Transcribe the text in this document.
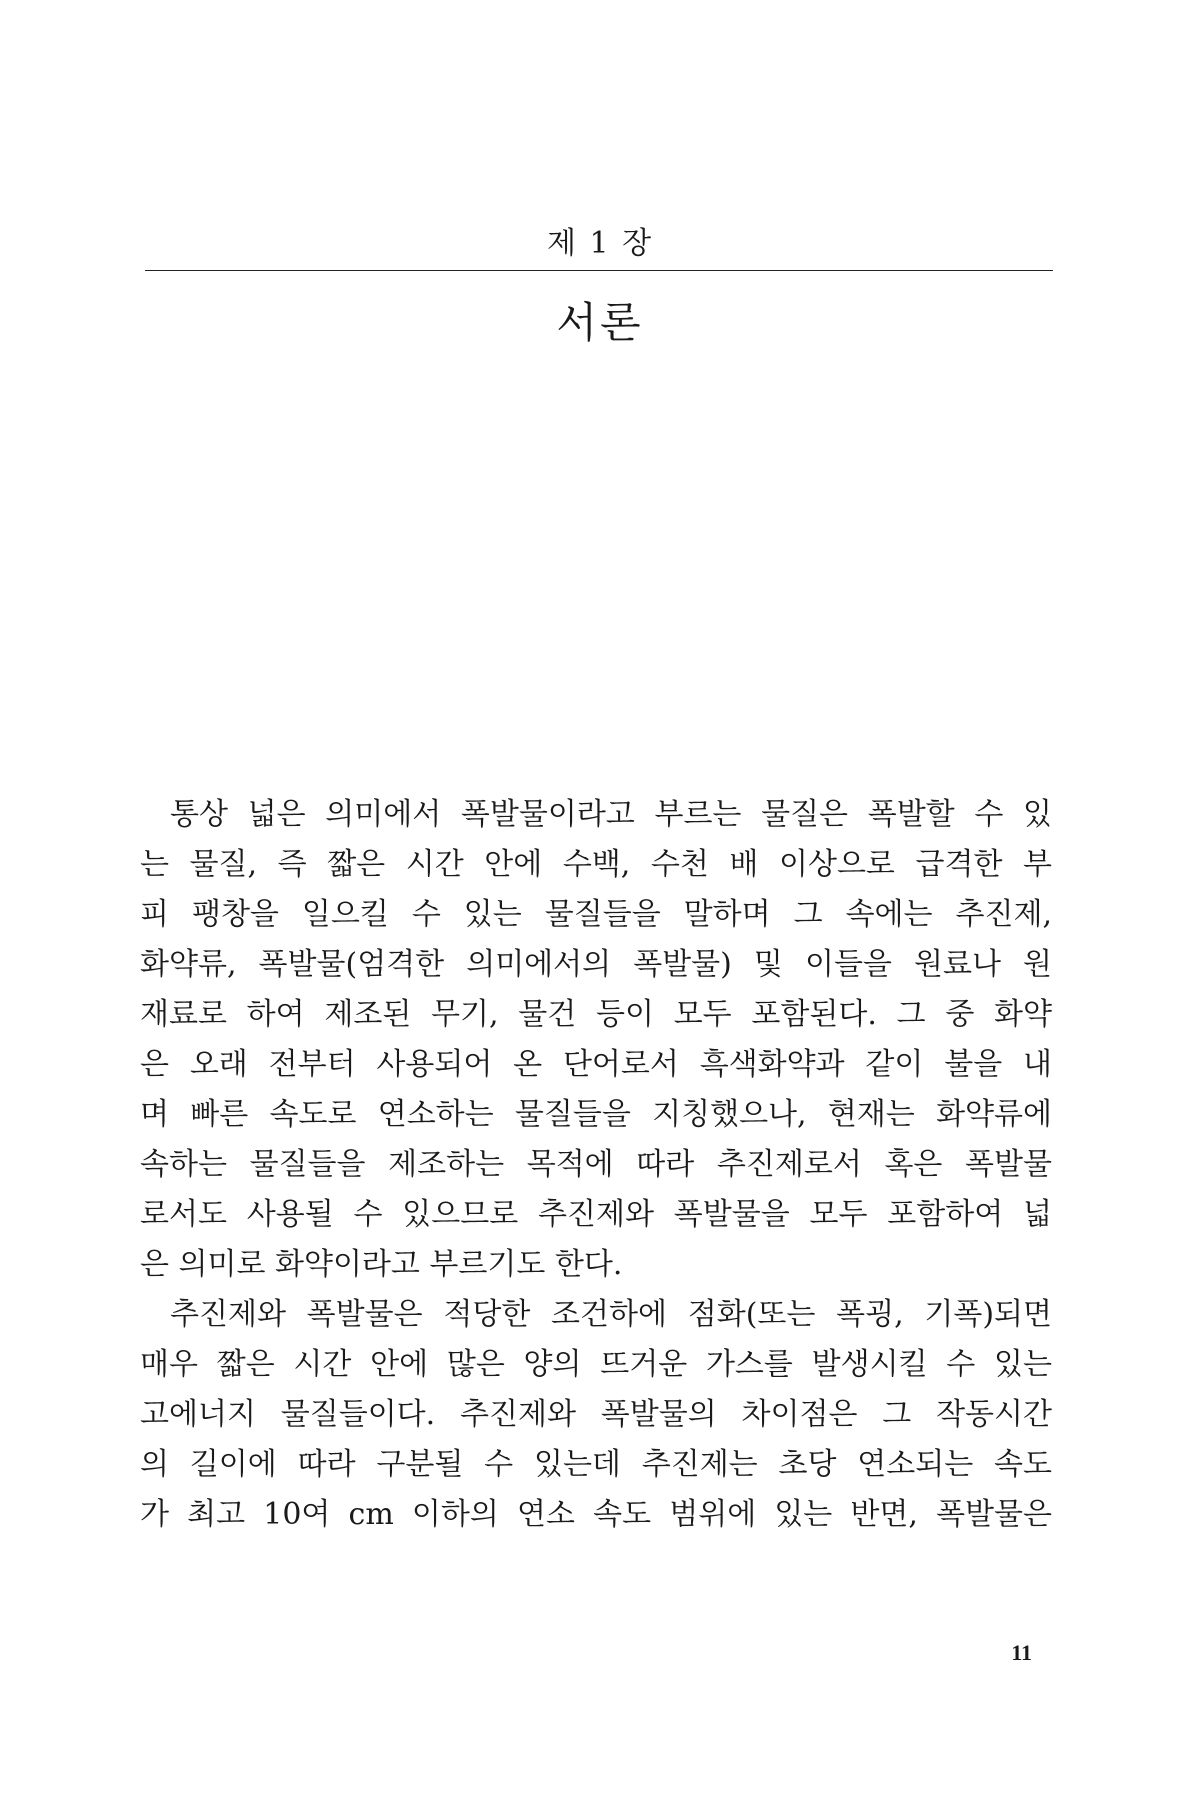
제 1 장
서론
통상 넓은 의미에서 폭발물이라고 부르는 물질은 폭발할 수 있
는 물질, 즉 짧은 시간 안에 수백, 수천 배 이상으로 급격한 부
피 팽창을 일으킬 수 있는 물질들을 말하며 그 속에는 추진제,
화약류, 폭발물(엄격한 의미에서의 폭발물) 및 이들을 원료나 원
재료로 하여 제조된 무기, 물건 등이 모두 포함된다. 그 중 화약
은 오래 전부터 사용되어 온 단어로서 흑색화약과 같이 불을 내
며 빠른 속도로 연소하는 물질들을 지칭했으나, 현재는 화약류에
속하는 물질들을 제조하는 목적에 따라 추진제로서 혹은 폭발물
로서도 사용될 수 있으므로 추진제와 폭발물을 모두 포함하여 넓
은 의미로 화약이라고 부르기도 한다.
추진제와 폭발물은 적당한 조건하에 점화(또는 폭굉, 기폭)되면
매우 짧은 시간 안에 많은 양의 뜨거운 가스를 발생시킬 수 있는
고에너지 물질들이다. 추진제와 폭발물의 차이점은 그 작동시간
의 길이에 따라 구분될 수 있는데 추진제는 초당 연소되는 속도
가 최고 10여 cm 이하의 연소 속도 범위에 있는 반면, 폭발물은
11
